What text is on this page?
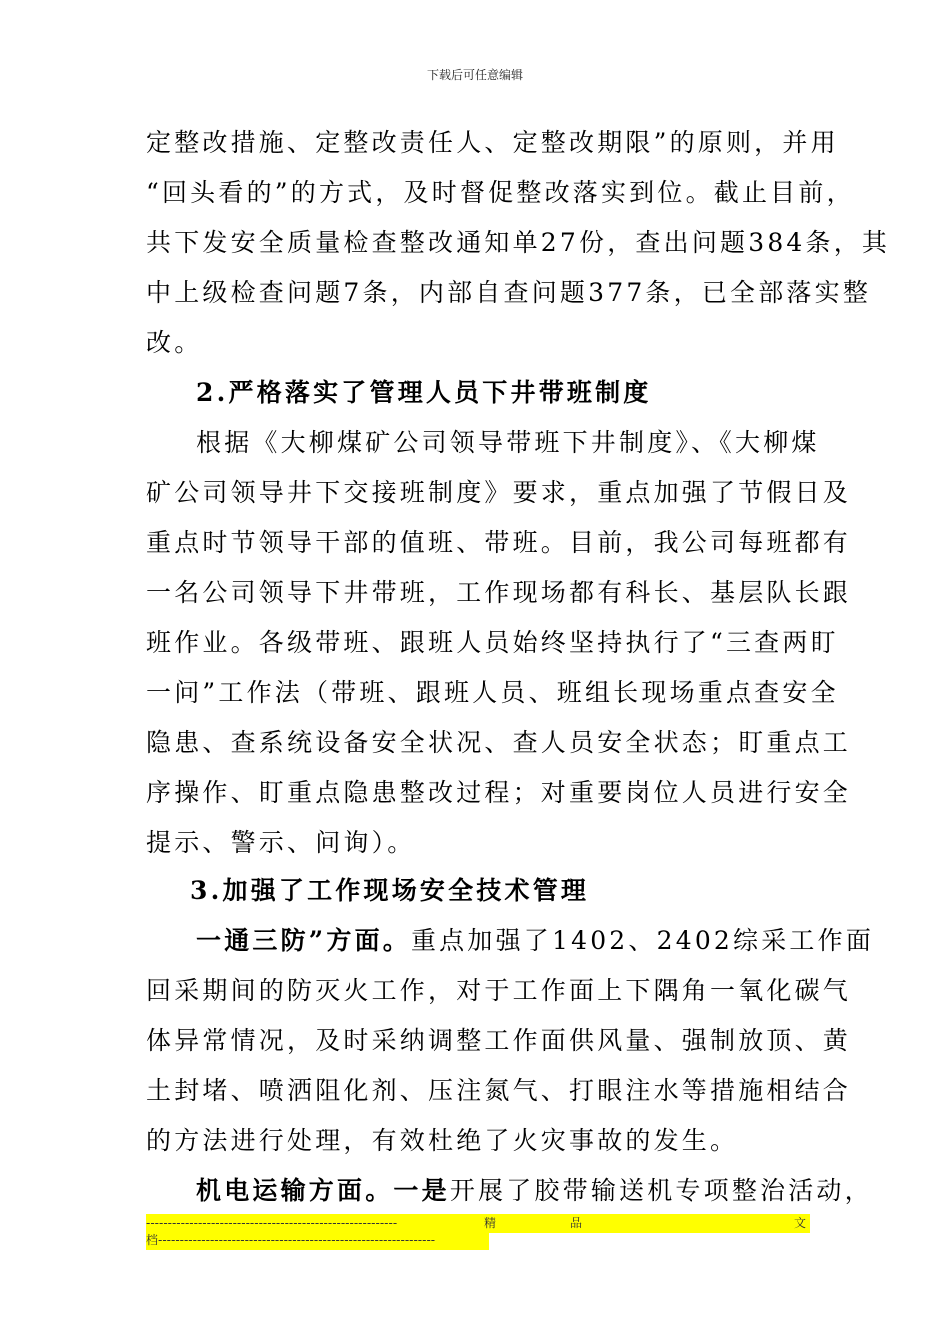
下载后可任意编辑
定整改措施、定整改责任人、定整改期限”的原则，并用
“回头看的”的方式，及时督促整改落实到位。截止目前，
共下发安全质量检查整改通知单27份，查出问题384条，其
中上级检查问题7条，内部自查问题377条，已全部落实整
改。
2.严格落实了管理人员下井带班制度
根据《大柳煤矿公司领导带班下井制度》、《大柳煤
矿公司领导井下交接班制度》要求，重点加强了节假日及
重点时节领导干部的值班、带班。目前，我公司每班都有
一名公司领导下井带班，工作现场都有科长、基层队长跟
班作业。各级带班、跟班人员始终坚持执行了“三查两盯
一问”工作法（带班、跟班人员、班组长现场重点查安全
隐患、查系统设备安全状况、查人员安全状态；盯重点工
序操作、盯重点隐患整改过程；对重要岗位人员进行安全
提示、警示、问询）。
3.加强了工作现场安全技术管理
一通三防”方面。重点加强了1402、2402综采工作面
回采期间的防灭火工作，对于工作面上下隅角一氧化碳气
体异常情况，及时采纳调整工作面供风量、强制放顶、黄
土封堵、喷洒阻化剂、压注氮气、打眼注水等措施相结合
的方法进行处理，有效杜绝了火灾事故的发生。
机电运输方面。一是开展了胶带输送机专项整治活动，
----------------------------------------------------------	精	品	文
档----------------------------------------------------------------
